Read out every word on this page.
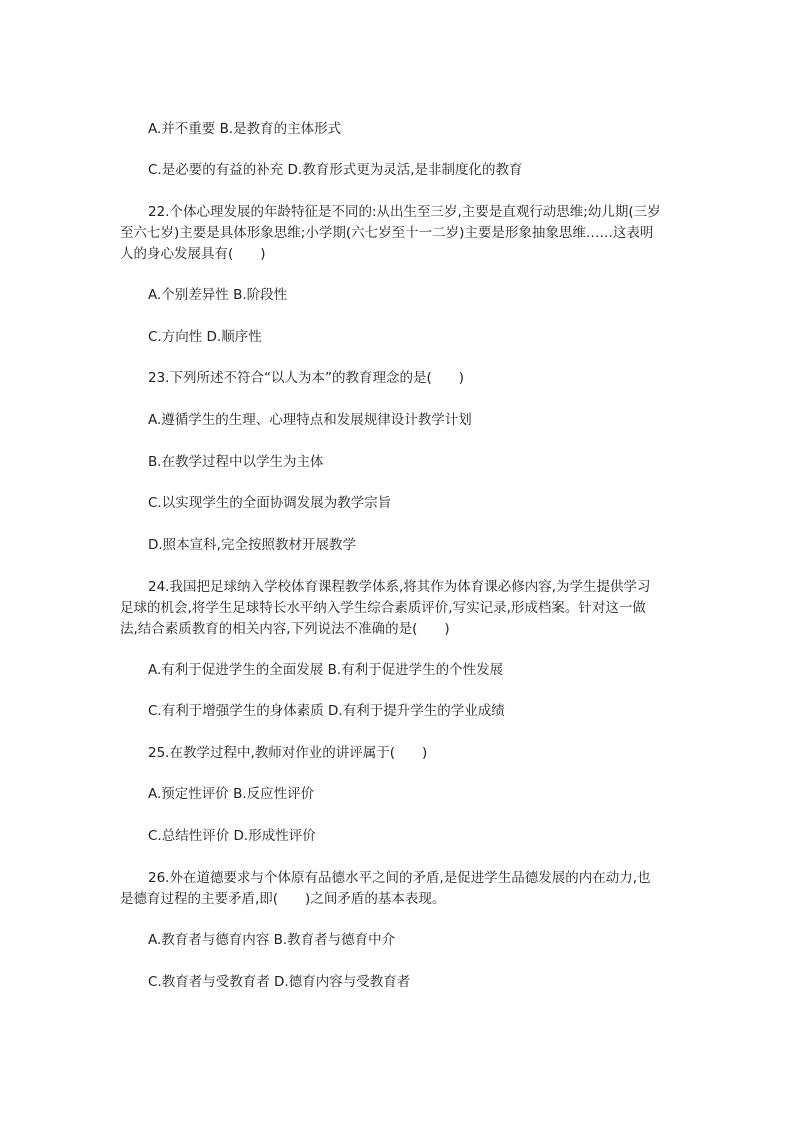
A.并不重要 B.是教育的主体形式
C.是必要的有益的补充 D.教育形式更为灵活,是非制度化的教育
22.个体心理发展的年龄特征是不同的:从出生至三岁,主要是直观行动思维;幼儿期(三岁
至六七岁)主要是具体形象思维;小学期(六七岁至十一二岁)主要是形象抽象思维……这表明
人的身心发展具有(　　)
A.个别差异性 B.阶段性
C.方向性 D.顺序性
23.下列所述不符合“以人为本”的教育理念的是(　　)
A.遵循学生的生理、心理特点和发展规律设计教学计划
B.在教学过程中以学生为主体
C.以实现学生的全面协调发展为教学宗旨
D.照本宣科,完全按照教材开展教学
24.我国把足球纳入学校体育课程教学体系,将其作为体育课必修内容,为学生提供学习
足球的机会,将学生足球特长水平纳入学生综合素质评价,写实记录,形成档案。针对这一做
法,结合素质教育的相关内容,下列说法不准确的是(　　)
A.有利于促进学生的全面发展 B.有利于促进学生的个性发展
C.有利于增强学生的身体素质 D.有利于提升学生的学业成绩
25.在教学过程中,教师对作业的讲评属于(　　)
A.预定性评价 B.反应性评价
C.总结性评价 D.形成性评价
26.外在道德要求与个体原有品德水平之间的矛盾,是促进学生品德发展的内在动力,也
是德育过程的主要矛盾,即(　　)之间矛盾的基本表现。
A.教育者与德育内容 B.教育者与德育中介
C.教育者与受教育者 D.德育内容与受教育者
